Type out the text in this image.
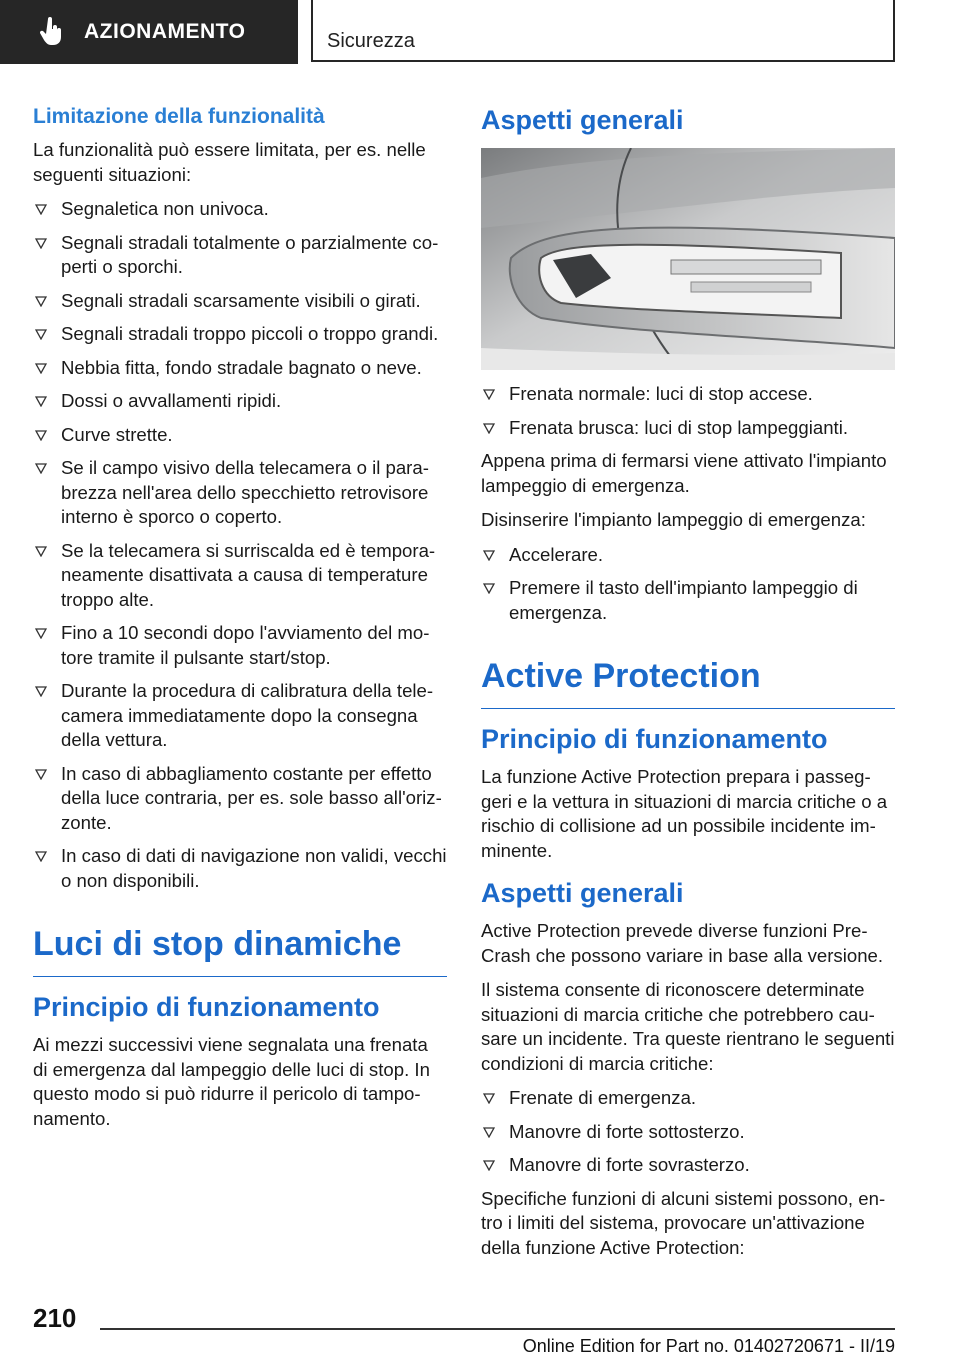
AZIONAMENTO	Sicurezza
Limitazione della funzionalità

La funzionalità può essere limitata, per es. nelle seguenti situazioni:

Segnaletica non univoca.
Segnali stradali totalmente o parzialmente coperti o sporchi.
Segnali stradali scarsamente visibili o girati.
Segnali stradali troppo piccoli o troppo grandi.
Nebbia fitta, fondo stradale bagnato o neve.
Dossi o avvallamenti ripidi.
Curve strette.
Se il campo visivo della telecamera o il parabrezza nell'area dello specchietto retrovisore interno è sporco o coperto.
Se la telecamera si surriscalda ed è temporaneamente disattivata a causa di temperature troppo alte.
Fino a 10 secondi dopo l'avviamento del motore tramite il pulsante start/stop.
Durante la procedura di calibratura della telecamera immediatamente dopo la consegna della vettura.
In caso di abbagliamento costante per effetto della luce contraria, per es. sole basso all'orizzonte.
In caso di dati di navigazione non validi, vecchi o non disponibili.
Luci di stop dinamiche
Principio di funzionamento

Ai mezzi successivi viene segnalata una frenata di emergenza dal lampeggio delle luci di stop. In questo modo si può ridurre il pericolo di tamponamento.

Aspetti generali
Frenata normale: luci di stop accese.
Frenata brusca: luci di stop lampeggianti.

Appena prima di fermarsi viene attivato l'impianto lampeggio di emergenza.

Disinserire l'impianto lampeggio di emergenza:

Accelerare.
Premere il tasto dell'impianto lampeggio di emergenza.
Active Protection
Principio di funzionamento

La funzione Active Protection prepara i passeggeri e la vettura in situazioni di marcia critiche o a rischio di collisione ad un possibile incidente imminente.

Aspetti generali

Active Protection prevede diverse funzioni Pre-Crash che possono variare in base alla versione.

Il sistema consente di riconoscere determinate situazioni di marcia critiche che potrebbero causare un incidente. Tra queste rientrano le seguenti condizioni di marcia critiche:

Frenate di emergenza.
Manovre di forte sottosterzo.
Manovre di forte sovrasterzo.

Specifiche funzioni di alcuni sistemi possono, entro i limiti del sistema, provocare un'attivazione della funzione Active Protection:

210
Online Edition for Part no. 01402720671 - II/19
